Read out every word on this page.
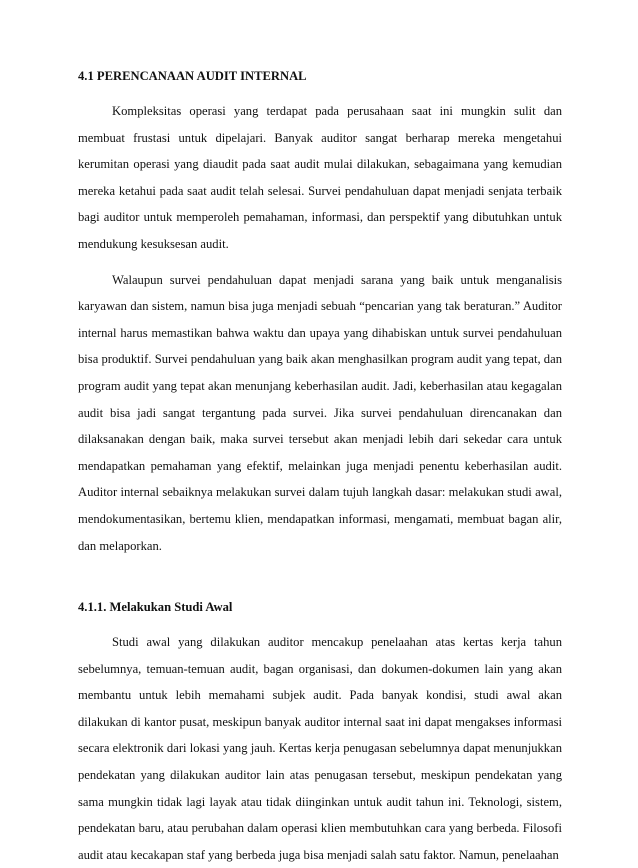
4.1 PERENCANAAN AUDIT INTERNAL

Kompleksitas operasi yang terdapat pada perusahaan saat ini mungkin sulit dan membuat frustasi untuk dipelajari. Banyak auditor sangat berharap mereka mengetahui kerumitan operasi yang diaudit pada saat audit mulai dilakukan, sebagaimana yang kemudian mereka ketahui pada saat audit telah selesai. Survei pendahuluan dapat menjadi senjata terbaik bagi auditor untuk memperoleh pemahaman, informasi, dan perspektif yang dibutuhkan untuk mendukung kesuksesan audit.

Walaupun survei pendahuluan dapat menjadi sarana yang baik untuk menganalisis karyawan dan sistem, namun bisa juga menjadi sebuah “pencarian yang tak beraturan.” Auditor internal harus memastikan bahwa waktu dan upaya yang dihabiskan untuk survei pendahuluan bisa produktif. Survei pendahuluan yang baik akan menghasilkan program audit yang tepat, dan program audit yang tepat akan menunjang keberhasilan audit. Jadi, keberhasilan atau kegagalan audit bisa jadi sangat tergantung pada survei. Jika survei pendahuluan direncanakan dan dilaksanakan dengan baik, maka survei tersebut akan menjadi lebih dari sekedar cara untuk mendapatkan pemahaman yang efektif, melainkan juga menjadi penentu keberhasilan audit. Auditor internal sebaiknya melakukan survei dalam tujuh langkah dasar: melakukan studi awal, mendokumentasikan, bertemu klien, mendapatkan informasi, mengamati, membuat bagan alir, dan melaporkan.

4.1.1. Melakukan Studi Awal

Studi awal yang dilakukan auditor mencakup penelaahan atas kertas kerja tahun sebelumnya, temuan-temuan audit, bagan organisasi, dan dokumen-dokumen lain yang akan membantu untuk lebih memahami subjek audit. Pada banyak kondisi, studi awal akan dilakukan di kantor pusat, meskipun banyak auditor internal saat ini dapat mengakses informasi secara elektronik dari lokasi yang jauh. Kertas kerja penugasan sebelumnya dapat menunjukkan pendekatan yang dilakukan auditor lain atas penugasan tersebut, meskipun pendekatan yang sama mungkin tidak lagi layak atau tidak diinginkan untuk audit tahun ini. Teknologi, sistem, pendekatan baru, atau perubahan dalam operasi klien membutuhkan cara yang berbeda. Filosofi audit atau kecakapan staf yang berbeda juga bisa menjadi salah satu faktor. Namun, penelaahan
